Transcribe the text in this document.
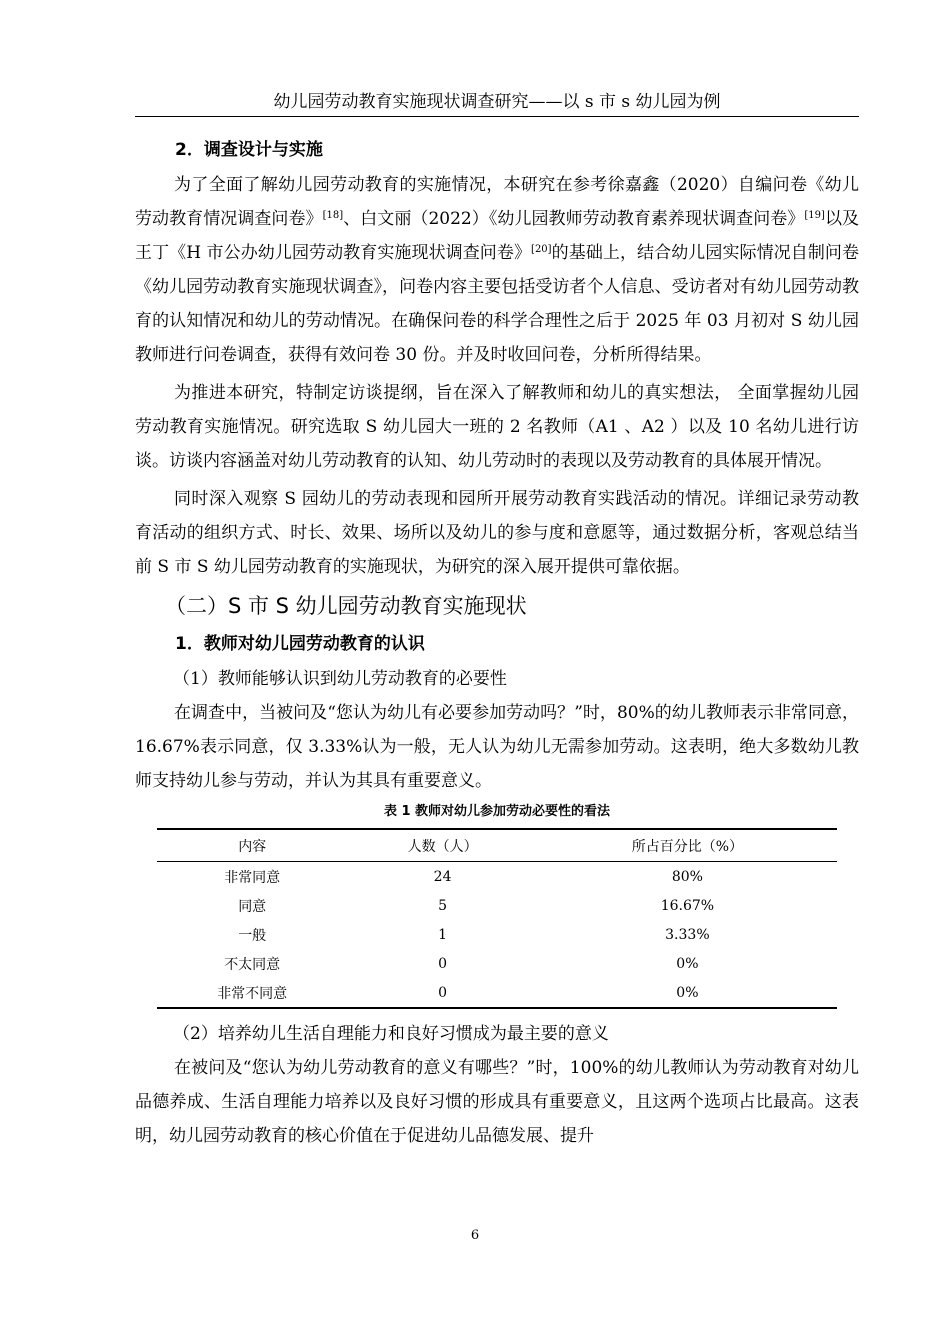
幼儿园劳动教育实施现状调查研究——以 s 市 s 幼儿园为例

2．调查设计与实施

为了全面了解幼儿园劳动教育的实施情况，本研究在参考徐嘉鑫（2020）自编问卷《幼儿劳动教育情况调查问卷》[18]、白文丽（2022）《幼儿园教师劳动教育素养现状调查问卷》[19]以及王丁《H 市公办幼儿园劳动教育实施现状调查问卷》[20]的基础上，结合幼儿园实际情况自制问卷《幼儿园劳动教育实施现状调查》，问卷内容主要包括受访者个人信息、受访者对有幼儿园劳动教育的认知情况和幼儿的劳动情况。在确保问卷的科学合理性之后于 2025 年 03 月初对 S 幼儿园教师进行问卷调查，获得有效问卷 30 份。并及时收回问卷，分析所得结果。

为推进本研究，特制定访谈提纲，旨在深入了解教师和幼儿的真实想法， 全面掌握幼儿园劳动教育实施情况。研究选取 S 幼儿园大一班的 2 名教师（A1 、A2 ）以及 10 名幼儿进行访谈。访谈内容涵盖对幼儿劳动教育的认知、幼儿劳动时的表现以及劳动教育的具体展开情况。

同时深入观察 S 园幼儿的劳动表现和园所开展劳动教育实践活动的情况。详细记录劳动教育活动的组织方式、时长、效果、场所以及幼儿的参与度和意愿等，通过数据分析，客观总结当前 S 市 S 幼儿园劳动教育的实施现状，为研究的深入展开提供可靠依据。

（二）S 市 S 幼儿园劳动教育实施现状

1．教师对幼儿园劳动教育的认识

（1）教师能够认识到幼儿劳动教育的必要性

在调查中，当被问及“您认为幼儿有必要参加劳动吗？”时，80%的幼儿教师表示非常同意，16.67%表示同意，仅 3.33%认为一般，无人认为幼儿无需参加劳动。这表明，绝大多数幼儿教师支持幼儿参与劳动，并认为其具有重要意义。

表 1 教师对幼儿参加劳动必要性的看法
内容	人数（人）	所占百分比（%）
非常同意	24	80%
同意	5	16.67%
一般	1	3.33%
不太同意	0	0%
非常不同意	0	0%

（2）培养幼儿生活自理能力和良好习惯成为最主要的意义

在被问及“您认为幼儿劳动教育的意义有哪些？”时，100%的幼儿教师认为劳动教育对幼儿品德养成、生活自理能力培养以及良好习惯的形成具有重要意义，且这两个选项占比最高。这表明，幼儿园劳动教育的核心价值在于促进幼儿品德发展、提升

6
